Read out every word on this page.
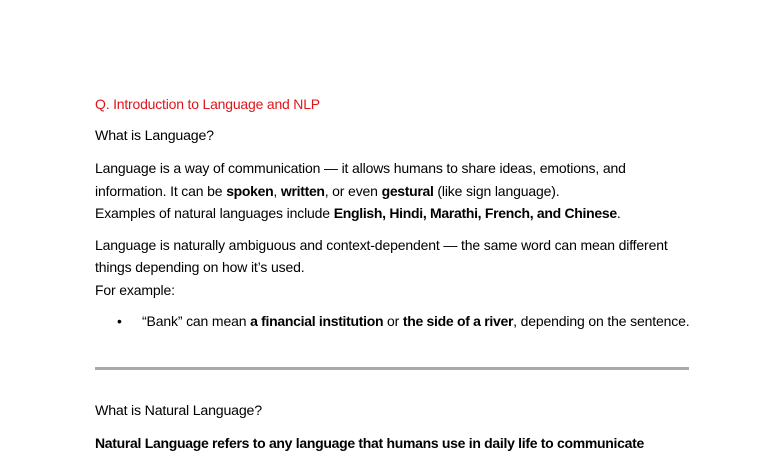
Q. Introduction to Language and NLP

What is Language?

Language is a way of communication — it allows humans to share ideas, emotions, and information. It can be spoken, written, or even gestural (like sign language).

Examples of natural languages include English, Hindi, Marathi, French, and Chinese.

Language is naturally ambiguous and context-dependent — the same word can mean different things depending on how it’s used.

For example:

• “Bank” can mean a financial institution or the side of a river, depending on the sentence.

What is Natural Language?

Natural Language refers to any language that humans use in daily life to communicate
